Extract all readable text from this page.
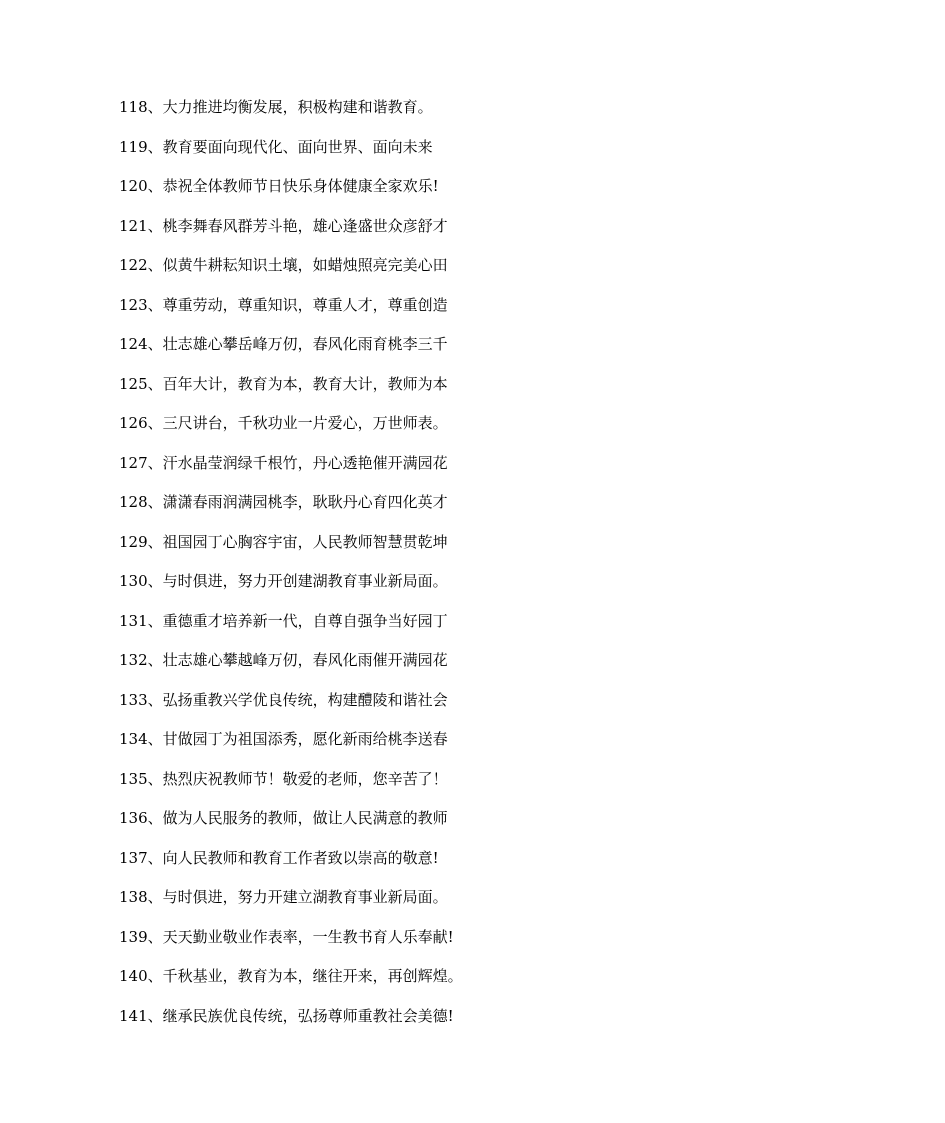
118、大力推进均衡发展，积极构建和谐教育。
119、教育要面向现代化、面向世界、面向未来
120、恭祝全体教师节日快乐身体健康全家欢乐!
121、桃李舞春风群芳斗艳，雄心逢盛世众彦舒才
122、似黄牛耕耘知识土壤，如蜡烛照亮完美心田
123、尊重劳动，尊重知识，尊重人才，尊重创造
124、壮志雄心攀岳峰万仞，春风化雨育桃李三千
125、百年大计，教育为本，教育大计，教师为本
126、三尺讲台，千秋功业一片爱心，万世师表。
127、汗水晶莹润绿千根竹，丹心透艳催开满园花
128、潇潇春雨润满园桃李，耿耿丹心育四化英才
129、祖国园丁心胸容宇宙，人民教师智慧贯乾坤
130、与时俱进，努力开创建湖教育事业新局面。
131、重德重才培养新一代，自尊自强争当好园丁
132、壮志雄心攀越峰万仞，春风化雨催开满园花
133、弘扬重教兴学优良传统，构建醴陵和谐社会
134、甘做园丁为祖国添秀，愿化新雨给桃李送春
135、热烈庆祝教师节！敬爱的老师，您辛苦了！
136、做为人民服务的教师，做让人民满意的教师
137、向人民教师和教育工作者致以崇高的敬意!
138、与时俱进，努力开建立湖教育事业新局面。
139、天天勤业敬业作表率，一生教书育人乐奉献!
140、千秋基业，教育为本，继往开来，再创辉煌。
141、继承民族优良传统，弘扬尊师重教社会美德!
